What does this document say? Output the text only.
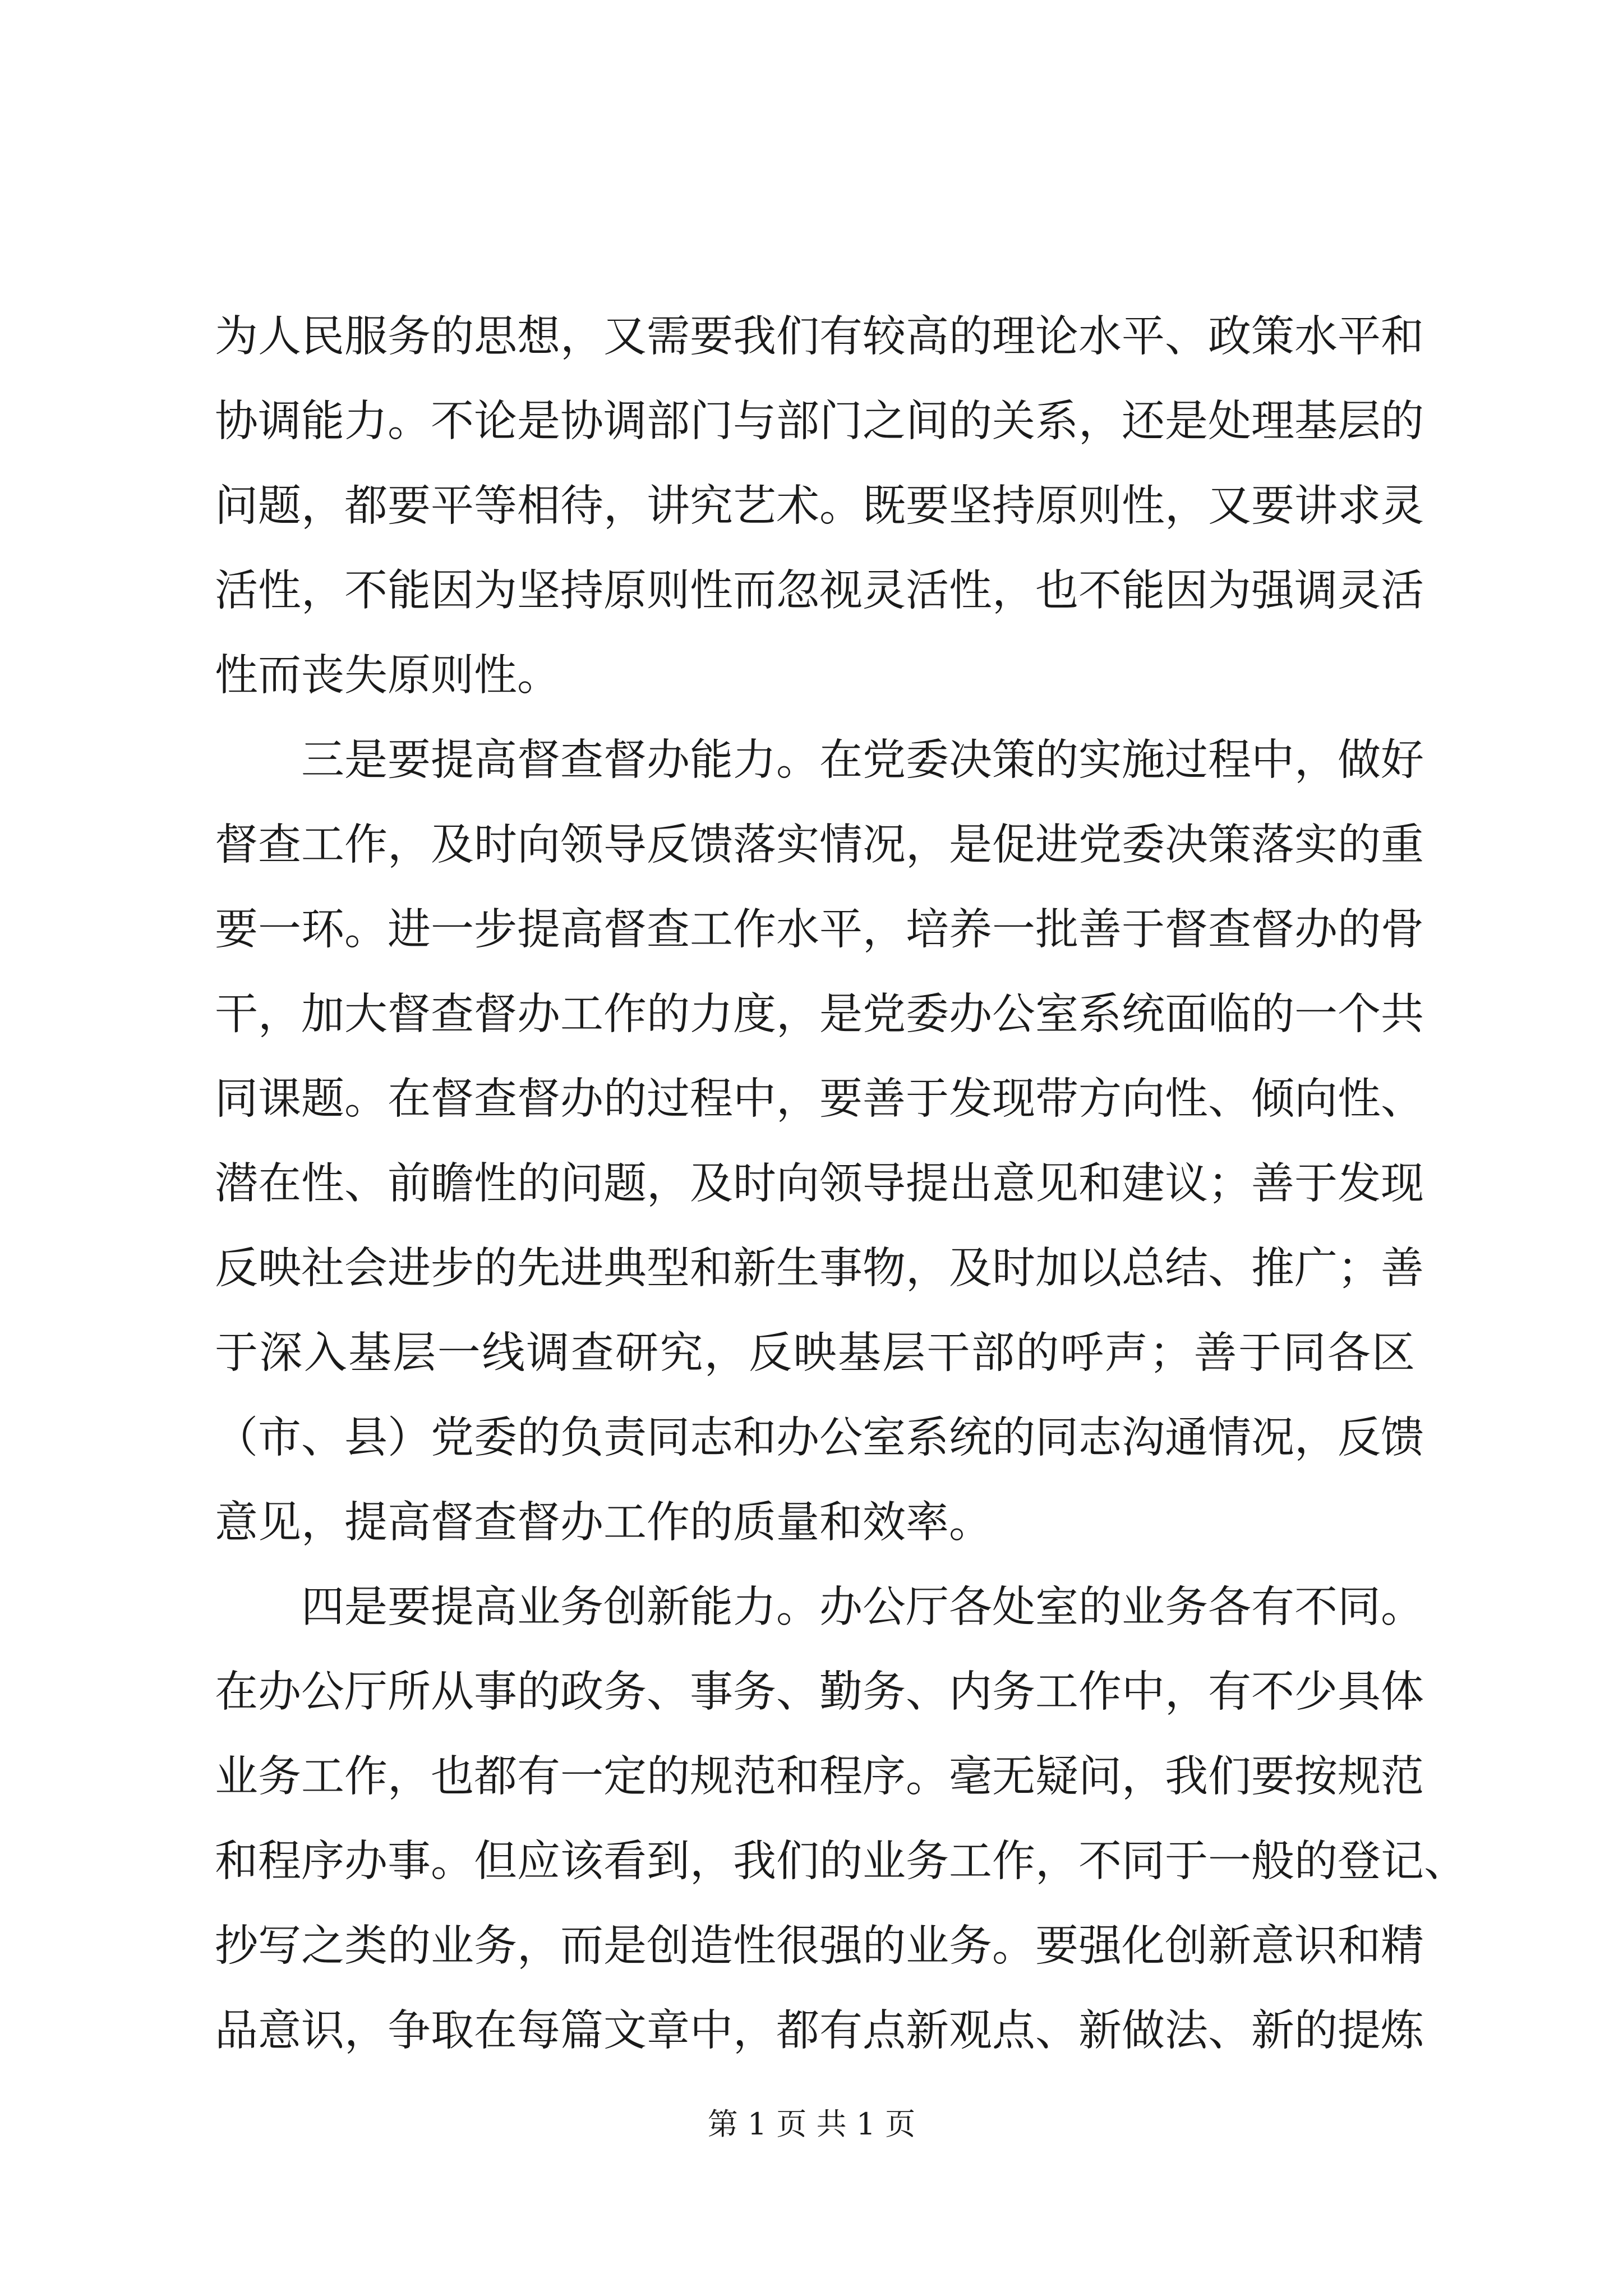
为人民服务的思想，又需要我们有较高的理论水平、政策水平和
协调能力。不论是协调部门与部门之间的关系，还是处理基层的
问题，都要平等相待，讲究艺术。既要坚持原则性，又要讲求灵
活性，不能因为坚持原则性而忽视灵活性，也不能因为强调灵活
性而丧失原则性。
三是要提高督查督办能力。在党委决策的实施过程中，做好
督查工作，及时向领导反馈落实情况，是促进党委决策落实的重
要一环。进一步提高督查工作水平，培养一批善于督查督办的骨
干，加大督查督办工作的力度，是党委办公室系统面临的一个共
同课题。在督查督办的过程中，要善于发现带方向性、倾向性、
潜在性、前瞻性的问题，及时向领导提出意见和建议；善于发现
反映社会进步的先进典型和新生事物，及时加以总结、推广；善
于深入基层一线调查研究，反映基层干部的呼声；善于同各区
（市、县）党委的负责同志和办公室系统的同志沟通情况，反馈
意见，提高督查督办工作的质量和效率。
四是要提高业务创新能力。办公厅各处室的业务各有不同。
在办公厅所从事的政务、事务、勤务、内务工作中，有不少具体
业务工作，也都有一定的规范和程序。毫无疑问，我们要按规范
和程序办事。但应该看到，我们的业务工作，不同于一般的登记、
抄写之类的业务，而是创造性很强的业务。要强化创新意识和精
品意识，争取在每篇文章中，都有点新观点、新做法、新的提炼
第 1 页 共 1 页
